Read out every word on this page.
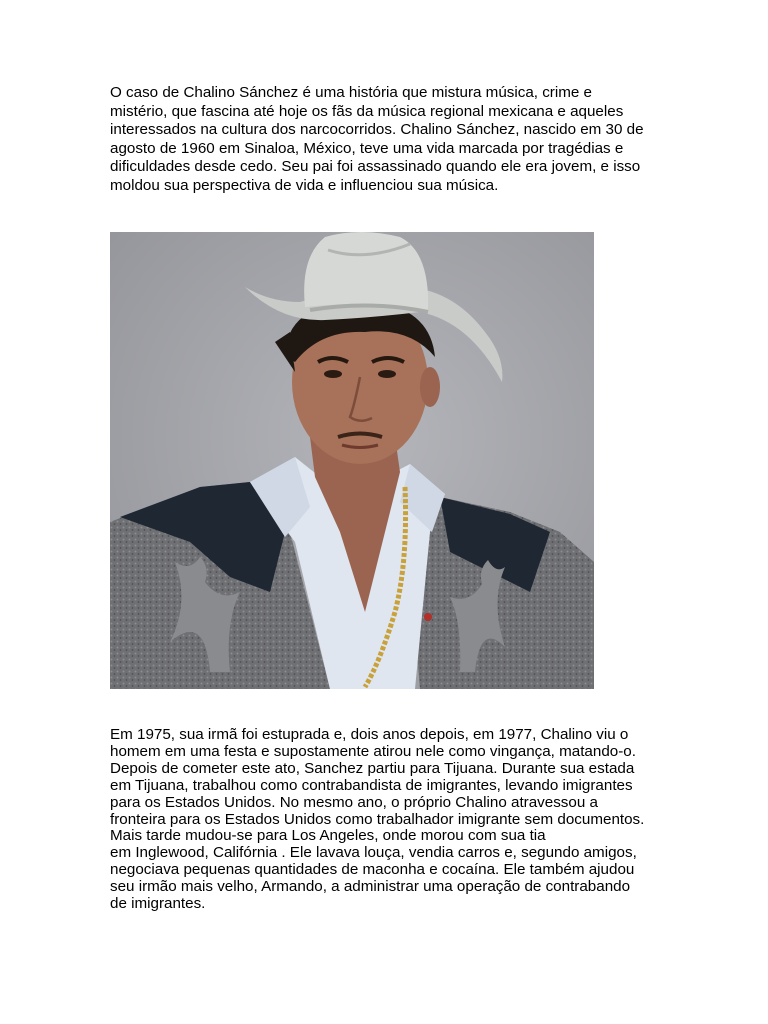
O caso de Chalino Sánchez é uma história que mistura música, crime e
mistério, que fascina até hoje os fãs da música regional mexicana e aqueles
interessados na cultura dos narcocorridos. Chalino Sánchez, nascido em 30 de
agosto de 1960 em Sinaloa, México, teve uma vida marcada por tragédias e
dificuldades desde cedo. Seu pai foi assassinado quando ele era jovem, e isso
moldou sua perspectiva de vida e influenciou sua música.

Em 1975, sua irmã foi estuprada e, dois anos depois, em 1977, Chalino viu o
homem em uma festa e supostamente atirou nele como vingança, matando-o.
Depois de cometer este ato, Sanchez partiu para Tijuana. Durante sua estada
em Tijuana, trabalhou como contrabandista de imigrantes, levando imigrantes
para os Estados Unidos. No mesmo ano, o próprio Chalino atravessou a
fronteira para os Estados Unidos como trabalhador imigrante sem documentos.
Mais tarde mudou-se para Los Angeles, onde morou com sua tia
em Inglewood, Califórnia . Ele lavava louça, vendia carros e, segundo amigos,
negociava pequenas quantidades de maconha e cocaína. Ele também ajudou
seu irmão mais velho, Armando, a administrar uma operação de contrabando
de imigrantes.
